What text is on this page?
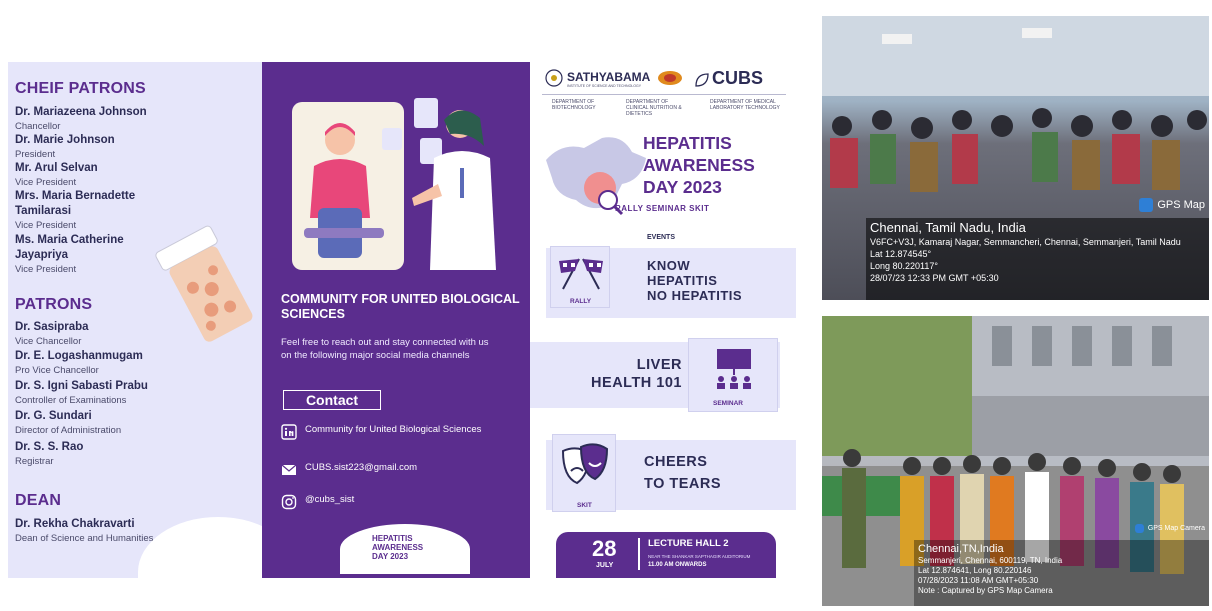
CHEIF PATRONS
Dr. Mariazeena Johnson
Chancellor
Dr. Marie Johnson
President
Mr. Arul Selvan
Vice President
Mrs. Maria Bernadette
Tamilarasi
Vice President
Ms. Maria Catherine
Jayapriya
Vice President
PATRONS
Dr. Sasipraba
Vice Chancellor
Dr. E. Logashanmugam
Pro Vice Chancellor
Dr. S. Igni Sabasti Prabu
Controller of Examinations
Dr. G. Sundari
Director of Administration
Dr. S. S. Rao
Registrar
DEAN
Dr. Rekha Chakravarti
Dean of Science and Humanities
COMMUNITY FOR UNITED BIOLOGICAL SCIENCES
Feel free to reach out and stay connected with us on the following major social media channels
Contact
Community for United Biological Sciences
CUBS.sist223@gmail.com
@cubs_sist
HEPATITIS AWARENESS DAY 2023
SATHYABAMA
INSTITUTE OF SCIENCE AND TECHNOLOGY	CUBS
DEPARTMENT OF BIOTECHNOLOGY
DEPARTMENT OF CLINICAL NUTRITION & DIETETICS
DEPARTMENT OF MEDICAL LABORATORY TECHNOLOGY
HEPATITIS
AWARENESS
DAY 2023
RALLY SEMINAR SKIT
EVENTS
RALLY
KNOW
HEPATITIS
NO HEPATITIS
SEMINAR
LIVER
HEALTH 101
SKIT
CHEERS
TO TEARS
28
JULY
LECTURE HALL 2
NEAR THE SHANKAR SAPTHAGIR AUDITORIUM
11.00 AM ONWARDS
GPS Map
Chennai, Tamil Nadu, India
V6FC+V3J, Kamaraj Nagar, Semmancheri, Chennai, Semmanjeri, Tamil Nadu
Lat 12.874545°
Long 80.220117°
28/07/23 12:33 PM GMT +05:30
GPS Map Camera
Chennai,TN,India
Semmanjeri, Chennai, 600119, TN, India
Lat 12.874641, Long 80.220146
07/28/2023 11:08 AM GMT+05:30
Note : Captured by GPS Map Camera
